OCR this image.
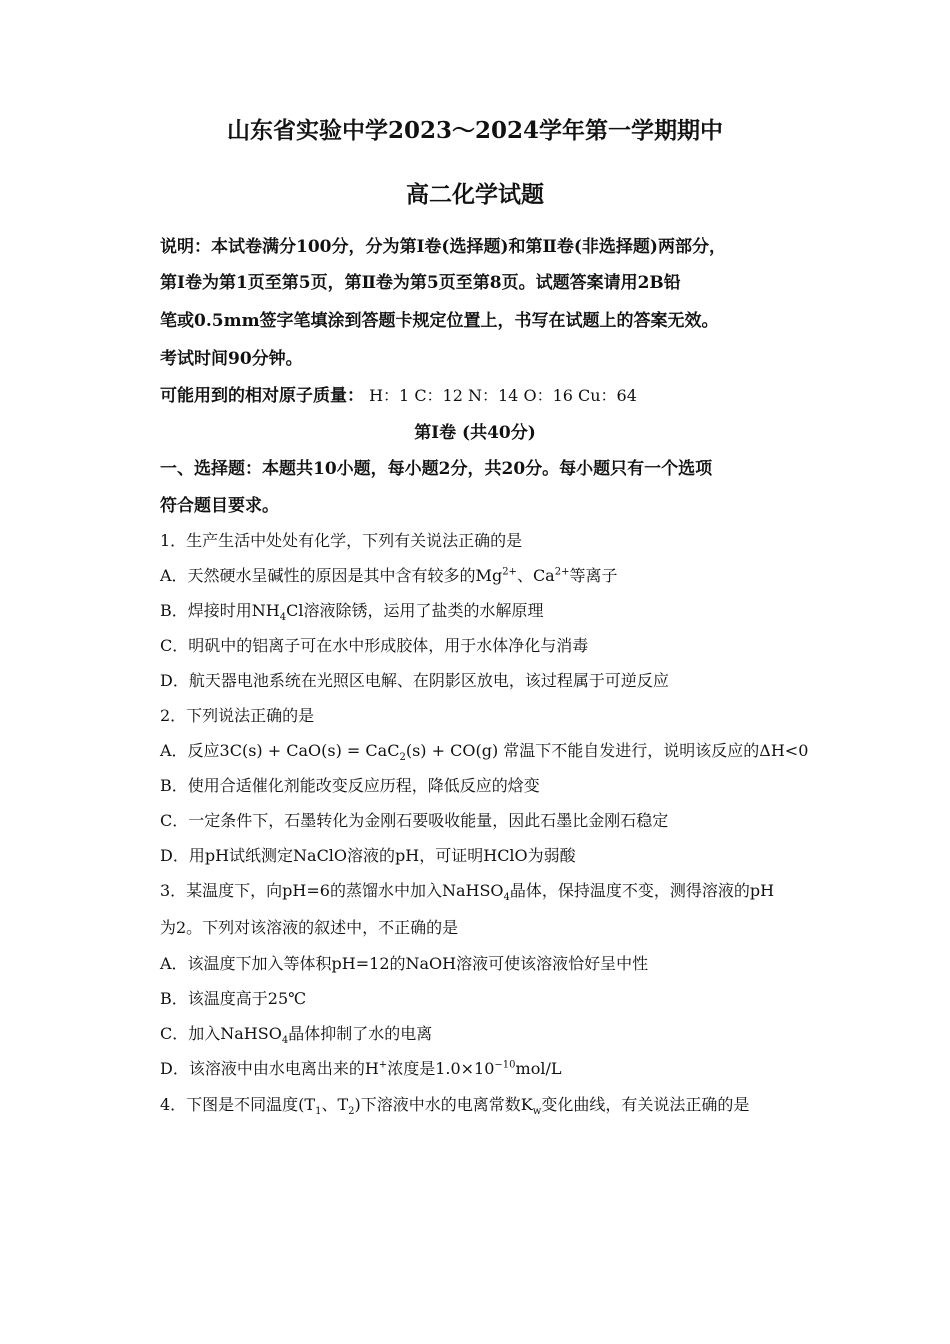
山东省实验中学2023～2024学年第一学期期中
高二化学试题
说明：本试卷满分100分，分为第Ⅰ卷(选择题)和第Ⅱ卷(非选择题)两部分，
第Ⅰ卷为第1页至第5页，第Ⅱ卷为第5页至第8页。试题答案请用2B铅
笔或0.5mm签字笔填涂到答题卡规定位置上，书写在试题上的答案无效。
考试时间90分钟。
可能用到的相对原子质量： H：1 C：12 N：14 O：16 Cu：64
第Ⅰ卷 (共40分)
一、选择题：本题共10小题，每小题2分，共20分。每小题只有一个选项
符合题目要求。
1．生产生活中处处有化学，下列有关说法正确的是
A．天然硬水呈碱性的原因是其中含有较多的$Mg^{2+}$、$Ca^{2+}$等离子
B．焊接时用$NH_4Cl$溶液除锈，运用了盐类的水解原理
C．明矾中的铝离子可在水中形成胶体，用于水体净化与消毒
D．航天器电池系统在光照区电解、在阴影区放电，该过程属于可逆反应
2．下列说法正确的是
A．反应3C(s) + CaO(s) = CaC$_2$(s) + CO(g) 常温下不能自发进行，说明该反应的ΔH<0
B．使用合适催化剂能改变反应历程，降低反应的焓变
C．一定条件下，石墨转化为金刚石要吸收能量，因此石墨比金刚石稳定
D．用pH试纸测定NaClO溶液的pH，可证明HClO为弱酸
3．某温度下，向pH=6的蒸馏水中加入NaHSO$_4$晶体，保持温度不变，测得溶液的pH
为2。下列对该溶液的叙述中，不正确的是
A．该温度下加入等体积pH=12的NaOH溶液可使该溶液恰好呈中性
B．该温度高于25℃
C．加入NaHSO$_4$晶体抑制了水的电离
D．该溶液中由水电离出来的H+浓度是$1.0\times 10^{-10}mol/L$
4．下图是不同温度($T_1$、$T_2$)下溶液中水的电离常数$K_w$变化曲线，有关说法正确的是
